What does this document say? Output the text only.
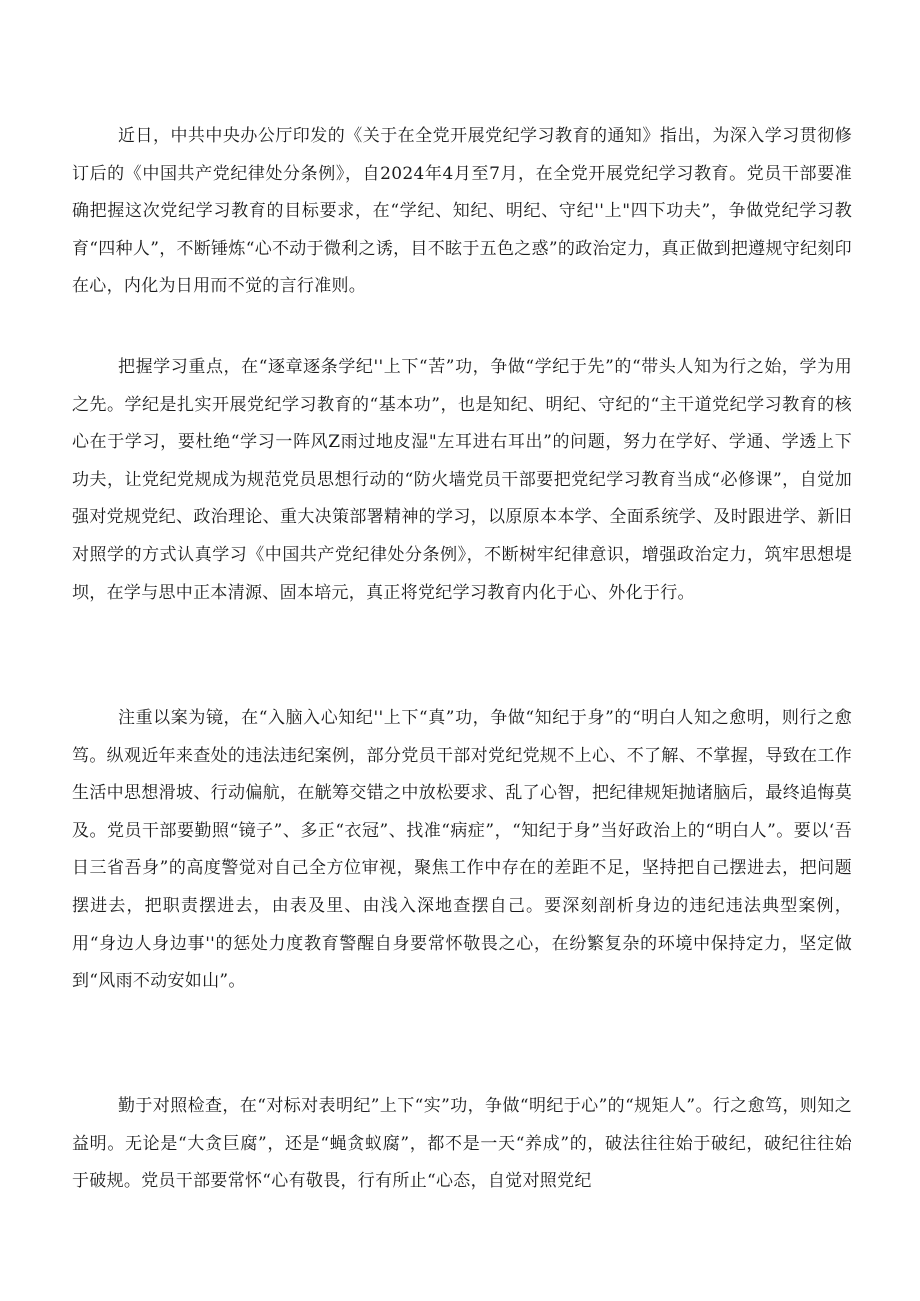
近日，中共中央办公厅印发的《关于在全党开展党纪学习教育的通知》指出，为深入学习贯彻修订后的《中国共产党纪律处分条例》，自2024年4月至7月，在全党开展党纪学习教育。党员干部要准确把握这次党纪学习教育的目标要求，在“学纪、知纪、明纪、守纪''上"四下功夫”，争做党纪学习教育“四种人”，不断锤炼“心不动于微利之诱，目不眩于五色之惑”的政治定力，真正做到把遵规守纪刻印在心，内化为日用而不觉的言行准则。

把握学习重点，在“逐章逐条学纪''上下“苦”功，争做“学纪于先”的“带头人知为行之始，学为用之先。学纪是扎实开展党纪学习教育的“基本功”，也是知纪、明纪、守纪的“主干道党纪学习教育的核心在于学习，要杜绝“学习一阵风Z雨过地皮湿"左耳进右耳出”的问题，努力在学好、学通、学透上下功夫，让党纪党规成为规范党员思想行动的“防火墙党员干部要把党纪学习教育当成“必修课”，自觉加强对党规党纪、政治理论、重大决策部署精神的学习，以原原本本学、全面系统学、及时跟进学、新旧对照学的方式认真学习《中国共产党纪律处分条例》，不断树牢纪律意识，增强政治定力，筑牢思想堤坝，在学与思中正本清源、固本培元，真正将党纪学习教育内化于心、外化于行。

注重以案为镜，在“入脑入心知纪''上下“真”功，争做“知纪于身”的“明白人知之愈明，则行之愈笃。纵观近年来查处的违法违纪案例，部分党员干部对党纪党规不上心、不了解、不掌握，导致在工作生活中思想滑坡、行动偏航，在觥筹交错之中放松要求、乱了心智，把纪律规矩抛诸脑后，最终追悔莫及。党员干部要勤照“镜子”、多正“衣冠”、找准“病症”，“知纪于身”当好政治上的“明白人”。要以‘吾日三省吾身”的高度警觉对自己全方位审视，聚焦工作中存在的差距不足，坚持把自己摆进去，把问题摆进去，把职责摆进去，由表及里、由浅入深地查摆自己。要深刻剖析身边的违纪违法典型案例，用“身边人身边事''的惩处力度教育警醒自身要常怀敬畏之心，在纷繁复杂的环境中保持定力，坚定做到“风雨不动安如山”。

勤于对照检查，在“对标对表明纪”上下“实”功，争做“明纪于心”的“规矩人”。行之愈笃，则知之益明。无论是“大贪巨腐”，还是“蝇贪蚁腐”，都不是一天“养成”的，破法往往始于破纪，破纪往往始于破规。党员干部要常怀“心有敬畏，行有所止“心态，自觉对照党纪
